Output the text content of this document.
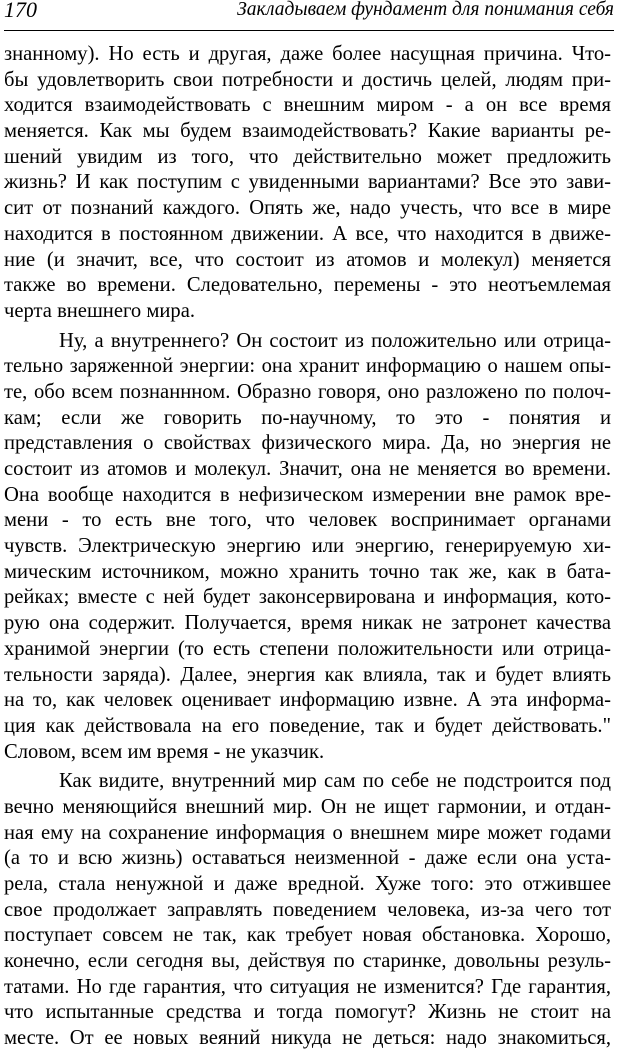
170	Закладываем фундамент для понимания себя
знанному). Но есть и другая, даже более насущная причина. Что-
бы удовлетворить свои потребности и достичь целей, людям при-
ходится взаимодействовать с внешним миром - а он все время
меняется. Как мы будем взаимодействовать? Какие варианты ре-
шений увидим из того, что действительно может предложить
жизнь? И как поступим с увиденными вариантами? Все это зави-
сит от познаний каждого. Опять же, надо учесть, что все в мире
находится в постоянном движении. А все, что находится в движе-
ние (и значит, все, что состоит из атомов и молекул) меняется
также во времени. Следовательно, перемены - это неотъемлемая
черта внешнего мира.
Ну, а внутреннего? Он состоит из положительно или отрица-
тельно заряженной энергии: она хранит информацию о нашем опы-
те, обо всем познаннном. Образно говоря, оно разложено по полоч-
кам; если же говорить по-научному, то это - понятия и
представления о свойствах физического мира. Да, но энергия не
состоит из атомов и молекул. Значит, она не меняется во времени.
Она вообще находится в нефизическом измерении вне рамок вре-
мени - то есть вне того, что человек воспринимает органами
чувств. Электрическую энергию или энергию, генерируемую хи-
мическим источником, можно хранить точно так же, как в бата-
рейках; вместе с ней будет законсервирована и информация, кото-
рую она содержит. Получается, время никак не затронет качества
хранимой энергии (то есть степени положительности или отрица-
тельности заряда). Далее, энергия как влияла, так и будет влиять
на то, как человек оценивает информацию извне. А эта информа-
ция как действовала на его поведение, так и будет действовать."
Словом, всем им время - не указчик.
Как видите, внутренний мир сам по себе не подстроится под
вечно меняющийся внешний мир. Он не ищет гармонии, и отдан-
ная ему на сохранение информация о внешнем мире может годами
(а то и всю жизнь) оставаться неизменной - даже если она уста-
рела, стала ненужной и даже вредной. Хуже того: это отжившее
свое продолжает заправлять поведением человека, из-за чего тот
поступает совсем не так, как требует новая обстановка. Хорошо,
конечно, если сегодня вы, действуя по старинке, довольны резуль-
татами. Но где гарантия, что ситуация не изменится? Где гарантия,
что испытанные средства и тогда помогут? Жизнь не стоит на
месте. От ее новых веяний никуда не деться: надо знакомиться,
